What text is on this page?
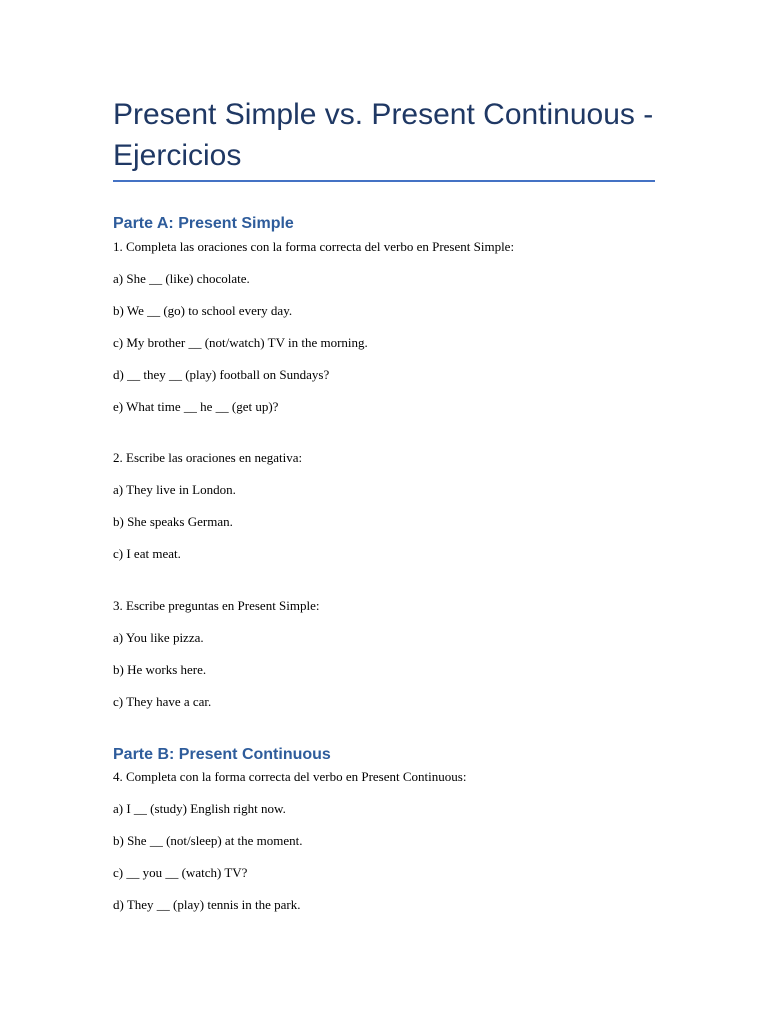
Present Simple vs. Present Continuous - Ejercicios
Parte A: Present Simple

1. Completa las oraciones con la forma correcta del verbo en Present Simple:

a) She __ (like) chocolate.

b) We __ (go) to school every day.

c) My brother __ (not/watch) TV in the morning.

d) __ they __ (play) football on Sundays?

e) What time __ he __ (get up)?

2. Escribe las oraciones en negativa:

a) They live in London.

b) She speaks German.

c) I eat meat.

3. Escribe preguntas en Present Simple:

a) You like pizza.

b) He works here.

c) They have a car.

Parte B: Present Continuous

4. Completa con la forma correcta del verbo en Present Continuous:

a) I __ (study) English right now.

b) She __ (not/sleep) at the moment.

c) __ you __ (watch) TV?

d) They __ (play) tennis in the park.
